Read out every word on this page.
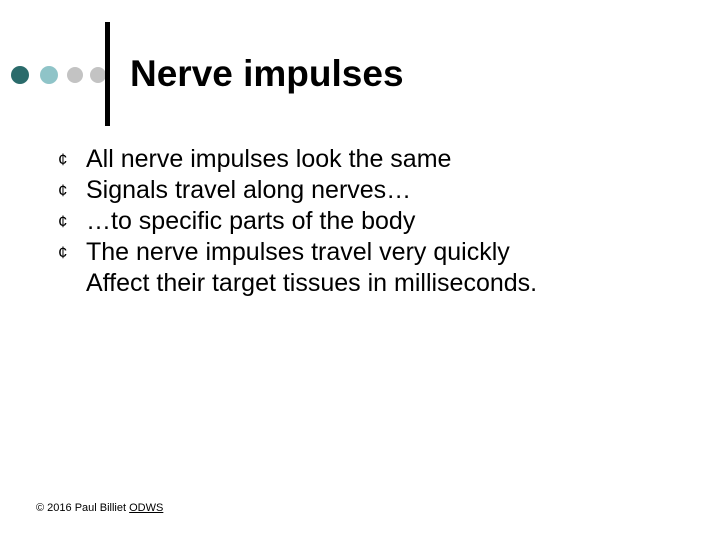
Nerve impulses
¢ All nerve impulses look the same
¢ Signals travel along nerves…
¢ …to specific parts of the body
¢ The nerve impulses travel very quickly
Affect their target tissues in milliseconds.
© 2016 Paul Billiet ODWS
